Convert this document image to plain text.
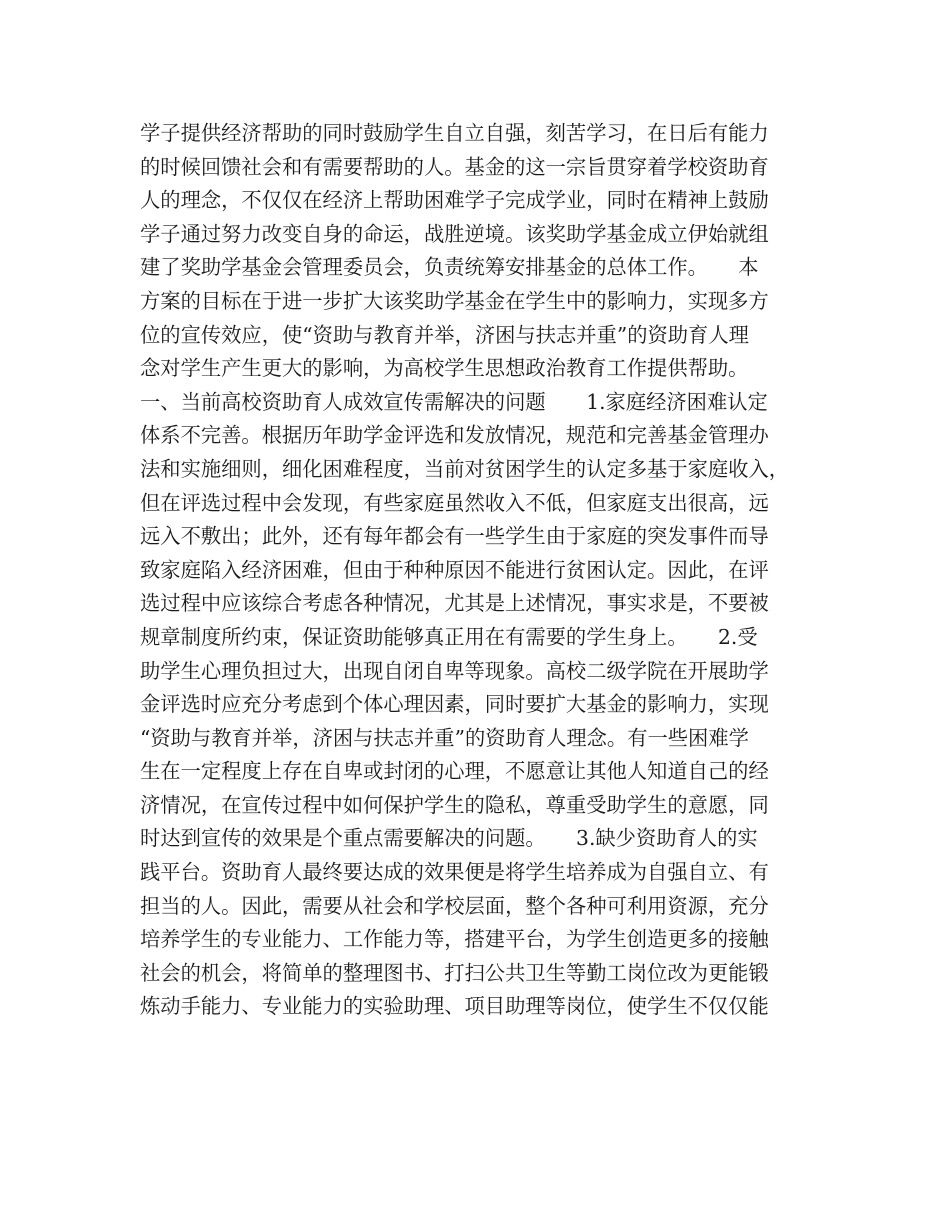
学子提供经济帮助的同时鼓励学生自立自强，刻苦学习，在日后有能力
的时候回馈社会和有需要帮助的人。基金的这一宗旨贯穿着学校资助育
人的理念，不仅仅在经济上帮助困难学子完成学业，同时在精神上鼓励
学子通过努力改变自身的命运，战胜逆境。该奖助学基金成立伊始就组
建了奖助学基金会管理委员会，负责统筹安排基金的总体工作。　　本
方案的目标在于进一步扩大该奖助学基金在学生中的影响力，实现多方
位的宣传效应，使“资助与教育并举，济困与扶志并重”的资助育人理
念对学生产生更大的影响，为高校学生思想政治教育工作提供帮助。
一、当前高校资助育人成效宣传需解决的问题　　1.家庭经济困难认定
体系不完善。根据历年助学金评选和发放情况，规范和完善基金管理办
法和实施细则，细化困难程度，当前对贫困学生的认定多基于家庭收入，
但在评选过程中会发现，有些家庭虽然收入不低，但家庭支出很高，远
远入不敷出；此外，还有每年都会有一些学生由于家庭的突发事件而导
致家庭陷入经济困难，但由于种种原因不能进行贫困认定。因此，在评
选过程中应该综合考虑各种情况，尤其是上述情况，事实求是，不要被
规章制度所约束，保证资助能够真正用在有需要的学生身上。　　2.受
助学生心理负担过大，出现自闭自卑等现象。高校二级学院在开展助学
金评选时应充分考虑到个体心理因素，同时要扩大基金的影响力，实现
“资助与教育并举，济困与扶志并重”的资助育人理念。有一些困难学
生在一定程度上存在自卑或封闭的心理，不愿意让其他人知道自己的经
济情况，在宣传过程中如何保护学生的隐私，尊重受助学生的意愿，同
时达到宣传的效果是个重点需要解决的问题。　　3.缺少资助育人的实
践平台。资助育人最终要达成的效果便是将学生培养成为自强自立、有
担当的人。因此，需要从社会和学校层面，整个各种可利用资源，充分
培养学生的专业能力、工作能力等，搭建平台，为学生创造更多的接触
社会的机会，将简单的整理图书、打扫公共卫生等勤工岗位改为更能锻
炼动手能力、专业能力的实验助理、项目助理等岗位，使学生不仅仅能
